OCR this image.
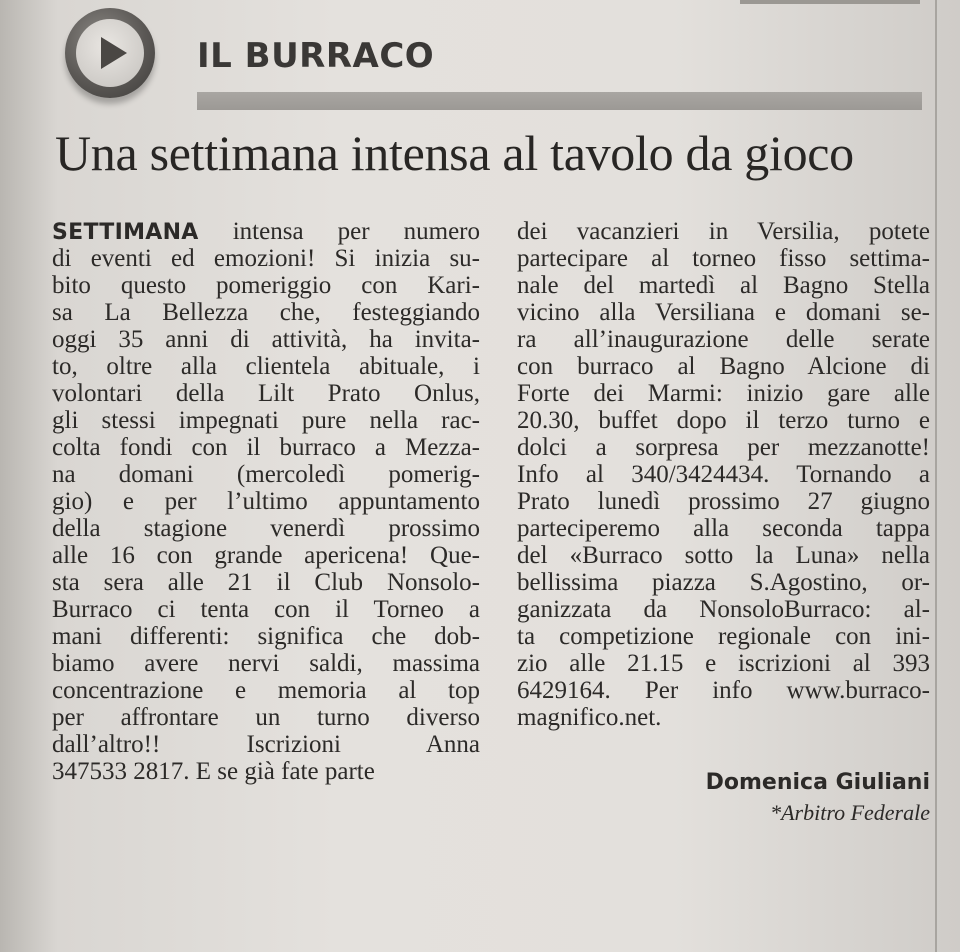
IL BURRACO
Una settimana intensa al tavolo da gioco
SETTIMANA intensa per numero
di eventi ed emozioni! Si inizia su-
bito questo pomeriggio con Kari-
sa La Bellezza che, festeggiando
oggi 35 anni di attività, ha invita-
to, oltre alla clientela abituale, i
volontari della Lilt Prato Onlus,
gli stessi impegnati pure nella rac-
colta fondi con il burraco a Mezza-
na domani (mercoledì pomerig-
gio) e per l’ultimo appuntamento
della stagione venerdì prossimo
alle 16 con grande apericena! Que-
sta sera alle 21 il Club Nonsolo-
Burraco ci tenta con il Torneo a
mani differenti: significa che dob-
biamo avere nervi saldi, massima
concentrazione e memoria al top
per affrontare un turno diverso
dall’altro!! Iscrizioni Anna
347533 2817. E se già fate parte
dei vacanzieri in Versilia, potete
partecipare al torneo fisso settima-
nale del martedì al Bagno Stella
vicino alla Versiliana e domani se-
ra all’inaugurazione delle serate
con burraco al Bagno Alcione di
Forte dei Marmi: inizio gare alle
20.30, buffet dopo il terzo turno e
dolci a sorpresa per mezzanotte!
Info al 340/3424434. Tornando a
Prato lunedì prossimo 27 giugno
parteciperemo alla seconda tappa
del «Burraco sotto la Luna» nella
bellissima piazza S.Agostino, or-
ganizzata da NonsoloBurraco: al-
ta competizione regionale con ini-
zio alle 21.15 e iscrizioni al 393
6429164. Per info www.burraco-
magnifico.net.
Domenica Giuliani
*Arbitro Federale
